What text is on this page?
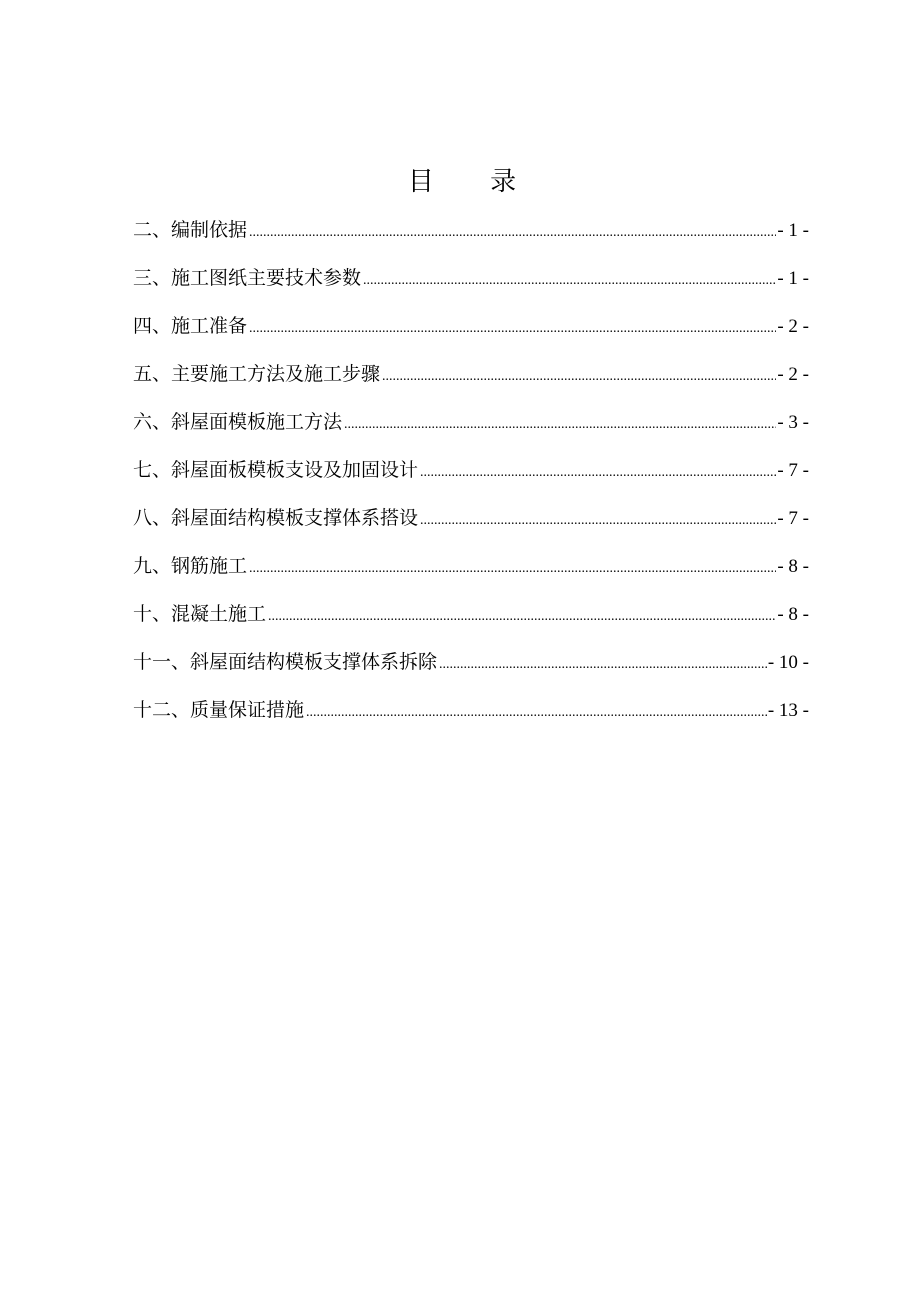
目 录
二、编制依据 .....	- 1 -
三、施工图纸主要技术参数 .....	- 1 -
四、施工准备 .....	- 2 -
五、主要施工方法及施工步骤 .....	- 2 -
六、斜屋面模板施工方法 .....	- 3 -
七、斜屋面板模板支设及加固设计 .....	- 7 -
八、斜屋面结构模板支撑体系搭设 .....	- 7 -
九、钢筋施工 .....	- 8 -
十、混凝土施工 .....	- 8 -
十一、斜屋面结构模板支撑体系拆除 .....	- 10 -
十二、质量保证措施 .....	- 13 -
